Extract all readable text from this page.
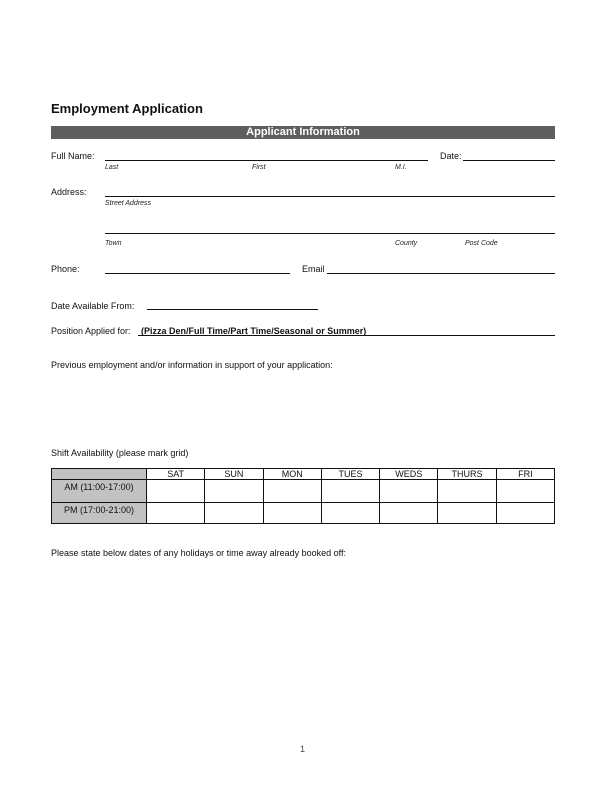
Employment Application
Applicant Information
Full Name:
Last	First	M.I.
Date:
Address:
Street Address
Town	County	Post Code
Phone:	Email
Date Available From:
Position Applied for: (Pizza Den/Full Time/Part Time/Seasonal or Summer)
Previous employment and/or information in support of your application:
Shift Availability (please mark grid)
	SAT	SUN	MON	TUES	WEDS	THURS	FRI
AM (11:00-17:00)							
PM (17:00-21:00)							
Please state below dates of any holidays or time away already booked off:
1
